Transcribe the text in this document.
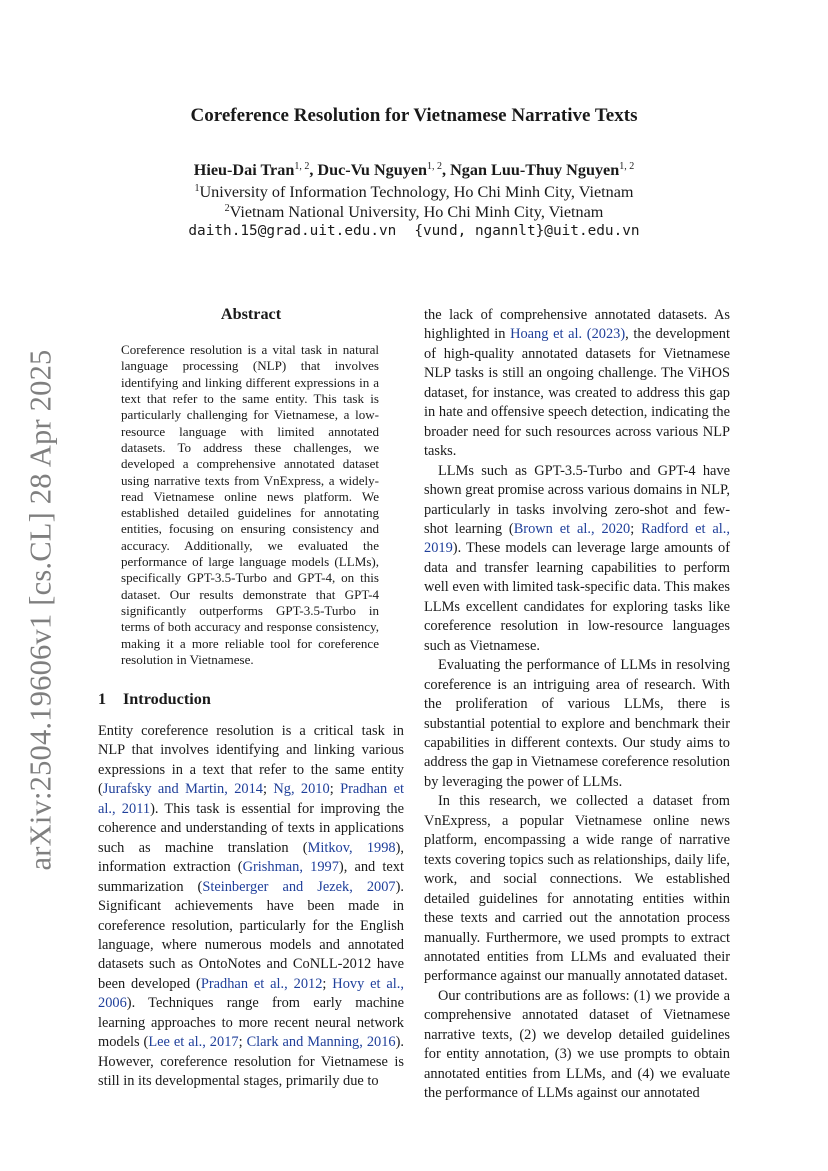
arXiv:2504.19606v1 [cs.CL] 28 Apr 2025
Coreference Resolution for Vietnamese Narrative Texts
Hieu-Dai Tran$^{1, 2}$, Duc-Vu Nguyen$^{1, 2}$, Ngan Luu-Thuy Nguyen$^{1, 2}$
$^1$University of Information Technology, Ho Chi Minh City, Vietnam
$^2$Vietnam National University, Ho Chi Minh City, Vietnam
daith.15@grad.uit.edu.vn {vund, ngannlt}@uit.edu.vn
Abstract
Coreference resolution is a vital task in natural language processing (NLP) that involves identifying and linking different expressions in a text that refer to the same entity. This task is particularly challenging for Vietnamese, a low-resource language with limited annotated datasets. To address these challenges, we developed a comprehensive annotated dataset using narrative texts from VnExpress, a widely-read Vietnamese online news platform. We established detailed guidelines for annotating entities, focusing on ensuring consistency and accuracy. Additionally, we evaluated the performance of large language models (LLMs), specifically GPT-3.5-Turbo and GPT-4, on this dataset. Our results demonstrate that GPT-4 significantly outperforms GPT-3.5-Turbo in terms of both accuracy and response consistency, making it a more reliable tool for coreference resolution in Vietnamese.
1 Introduction

Entity coreference resolution is a critical task in NLP that involves identifying and linking various expressions in a text that refer to the same entity (Jurafsky and Martin, 2014; Ng, 2010; Pradhan et al., 2011). This task is essential for improving the coherence and understanding of texts in applications such as machine translation (Mitkov, 1998), information extraction (Grishman, 1997), and text summarization (Steinberger and Jezek, 2007). Significant achievements have been made in coreference resolution, particularly for the English language, where numerous models and annotated datasets such as OntoNotes and CoNLL-2012 have been developed (Pradhan et al., 2012; Hovy et al., 2006). Techniques range from early machine learning approaches to more recent neural network models (Lee et al., 2017; Clark and Manning, 2016). However, coreference resolution for Vietnamese is still in its developmental stages, primarily due to

the lack of comprehensive annotated datasets. As highlighted in Hoang et al. (2023), the development of high-quality annotated datasets for Vietnamese NLP tasks is still an ongoing challenge. The ViHOS dataset, for instance, was created to address this gap in hate and offensive speech detection, indicating the broader need for such resources across various NLP tasks.

LLMs such as GPT-3.5-Turbo and GPT-4 have shown great promise across various domains in NLP, particularly in tasks involving zero-shot and few-shot learning (Brown et al., 2020; Radford et al., 2019). These models can leverage large amounts of data and transfer learning capabilities to perform well even with limited task-specific data. This makes LLMs excellent candidates for exploring tasks like coreference resolution in low-resource languages such as Vietnamese.

Evaluating the performance of LLMs in resolving coreference is an intriguing area of research. With the proliferation of various LLMs, there is substantial potential to explore and benchmark their capabilities in different contexts. Our study aims to address the gap in Vietnamese coreference resolution by leveraging the power of LLMs.

In this research, we collected a dataset from VnExpress, a popular Vietnamese online news platform, encompassing a wide range of narrative texts covering topics such as relationships, daily life, work, and social connections. We established detailed guidelines for annotating entities within these texts and carried out the annotation process manually. Furthermore, we used prompts to extract annotated entities from LLMs and evaluated their performance against our manually annotated dataset.

Our contributions are as follows: (1) we provide a comprehensive annotated dataset of Vietnamese narrative texts, (2) we develop detailed guidelines for entity annotation, (3) we use prompts to obtain annotated entities from LLMs, and (4) we evaluate the performance of LLMs against our annotated
